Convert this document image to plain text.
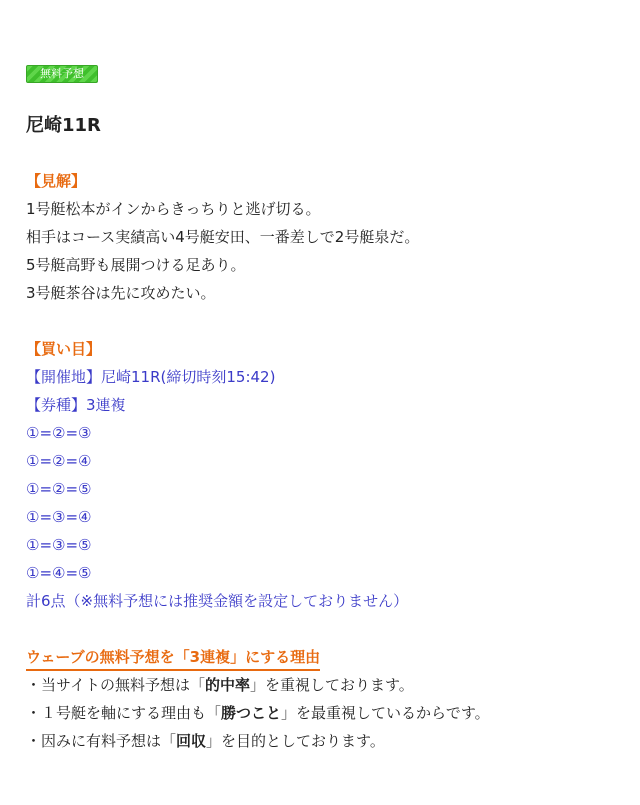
無料予想
尼崎11R
【見解】
1号艇松本がインからきっちりと逃げ切る。
相手はコース実績高い4号艇安田、一番差しで2号艇泉だ。
5号艇高野も展開つける足あり。
3号艇茶谷は先に攻めたい。
【買い目】
【開催地】尼崎11R(締切時刻15:42)
【券種】3連複
①=②=③
①=②=④
①=②=⑤
①=③=④
①=③=⑤
①=④=⑤
計6点（※無料予想には推奨金額を設定しておりません）
ウェーブの無料予想を「3連複」にする理由
・当サイトの無料予想は「的中率」を重視しております。
・１号艇を軸にする理由も「勝つこと」を最重視しているからです。
・因みに有料予想は「回収」を目的としております。
